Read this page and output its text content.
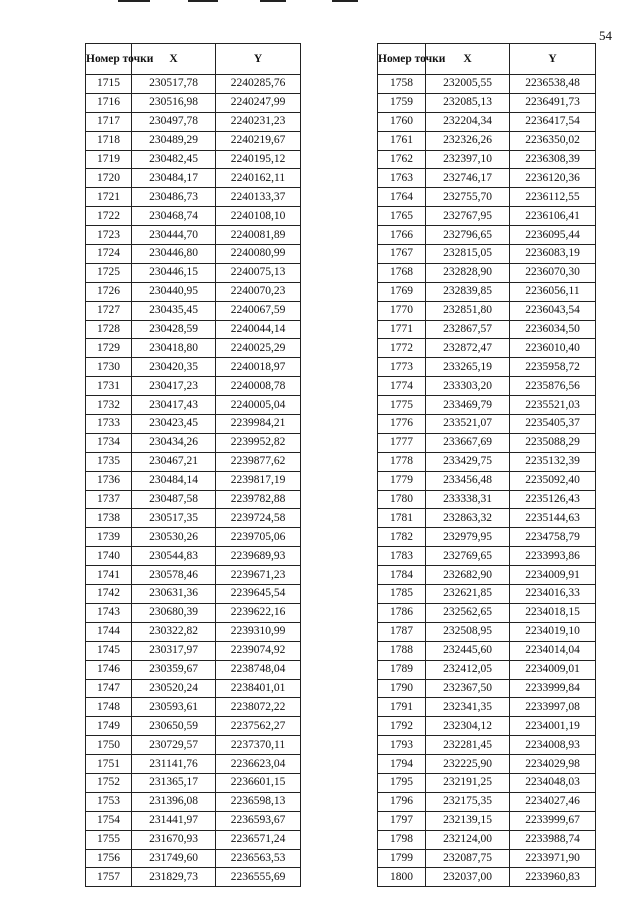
54
Номер точки	X	Y
1715	230517,78	2240285,76
1716	230516,98	2240247,99
1717	230497,78	2240231,23
1718	230489,29	2240219,67
1719	230482,45	2240195,12
1720	230484,17	2240162,11
1721	230486,73	2240133,37
1722	230468,74	2240108,10
1723	230444,70	2240081,89
1724	230446,80	2240080,99
1725	230446,15	2240075,13
1726	230440,95	2240070,23
1727	230435,45	2240067,59
1728	230428,59	2240044,14
1729	230418,80	2240025,29
1730	230420,35	2240018,97
1731	230417,23	2240008,78
1732	230417,43	2240005,04
1733	230423,45	2239984,21
1734	230434,26	2239952,82
1735	230467,21	2239877,62
1736	230484,14	2239817,19
1737	230487,58	2239782,88
1738	230517,35	2239724,58
1739	230530,26	2239705,06
1740	230544,83	2239689,93
1741	230578,46	2239671,23
1742	230631,36	2239645,54
1743	230680,39	2239622,16
1744	230322,82	2239310,99
1745	230317,97	2239074,92
1746	230359,67	2238748,04
1747	230520,24	2238401,01
1748	230593,61	2238072,22
1749	230650,59	2237562,27
1750	230729,57	2237370,11
1751	231141,76	2236623,04
1752	231365,17	2236601,15
1753	231396,08	2236598,13
1754	231441,97	2236593,67
1755	231670,93	2236571,24
1756	231749,60	2236563,53
1757	231829,73	2236555,69
Номер точки	X	Y
1758	232005,55	2236538,48
1759	232085,13	2236491,73
1760	232204,34	2236417,54
1761	232326,26	2236350,02
1762	232397,10	2236308,39
1763	232746,17	2236120,36
1764	232755,70	2236112,55
1765	232767,95	2236106,41
1766	232796,65	2236095,44
1767	232815,05	2236083,19
1768	232828,90	2236070,30
1769	232839,85	2236056,11
1770	232851,80	2236043,54
1771	232867,57	2236034,50
1772	232872,47	2236010,40
1773	233265,19	2235958,72
1774	233303,20	2235876,56
1775	233469,79	2235521,03
1776	233521,07	2235405,37
1777	233667,69	2235088,29
1778	233429,75	2235132,39
1779	233456,48	2235092,40
1780	233338,31	2235126,43
1781	232863,32	2235144,63
1782	232979,95	2234758,79
1783	232769,65	2233993,86
1784	232682,90	2234009,91
1785	232621,85	2234016,33
1786	232562,65	2234018,15
1787	232508,95	2234019,10
1788	232445,60	2234014,04
1789	232412,05	2234009,01
1790	232367,50	2233999,84
1791	232341,35	2233997,08
1792	232304,12	2234001,19
1793	232281,45	2234008,93
1794	232225,90	2234029,98
1795	232191,25	2234048,03
1796	232175,35	2234027,46
1797	232139,15	2233999,67
1798	232124,00	2233988,74
1799	232087,75	2233971,90
1800	232037,00	2233960,83
